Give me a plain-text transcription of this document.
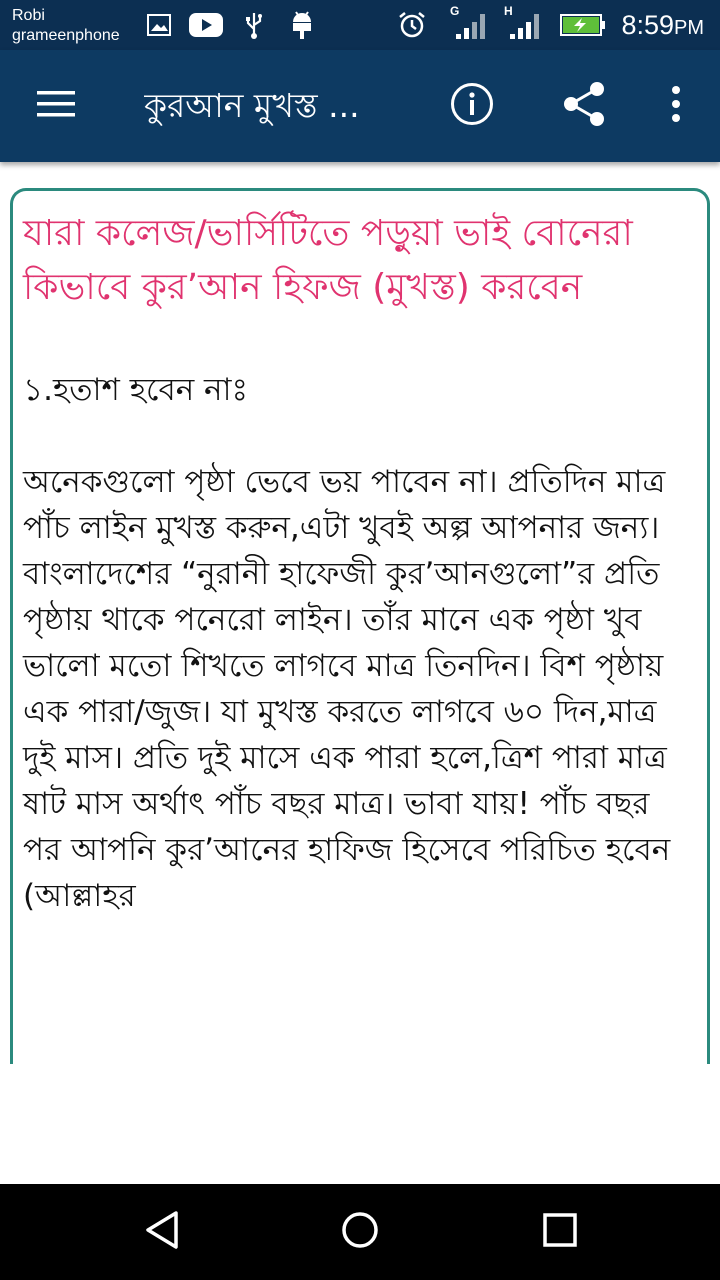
Robi
grameenphone
G	H	8:59PM
কুরআন মুখস্ত ...
যারা কলেজ/ভার্সিটিতে পড়ুয়া ভাই বোনেরা কিভাবে কুর’আন হিফজ (মুখস্ত) করবেন
১.হতাশ হবেন নাঃ
অনেকগুলো পৃষ্ঠা ভেবে ভয় পাবেন না। প্রতিদিন মাত্র পাঁচ লাইন মুখস্ত করুন,এটা খুবই অল্প আপনার জন্য। বাংলাদেশের “নুরানী হাফেজী কুর’আনগুলো”র প্রতি পৃষ্ঠায় থাকে পনেরো লাইন। তাঁর মানে এক পৃষ্ঠা খুব ভালো মতো শিখতে লাগবে মাত্র তিনদিন। বিশ পৃষ্ঠায় এক পারা/জুজ। যা মুখস্ত করতে লাগবে ৬০ দিন,মাত্র দুই মাস। প্রতি দুই মাসে এক পারা হলে,ত্রিশ পারা মাত্র ষাট মাস অর্থাৎ পাঁচ বছর মাত্র। ভাবা যায়! পাঁচ বছর পর আপনি কুর’আনের হাফিজ হিসেবে পরিচিত হবেন (আল্লাহর
